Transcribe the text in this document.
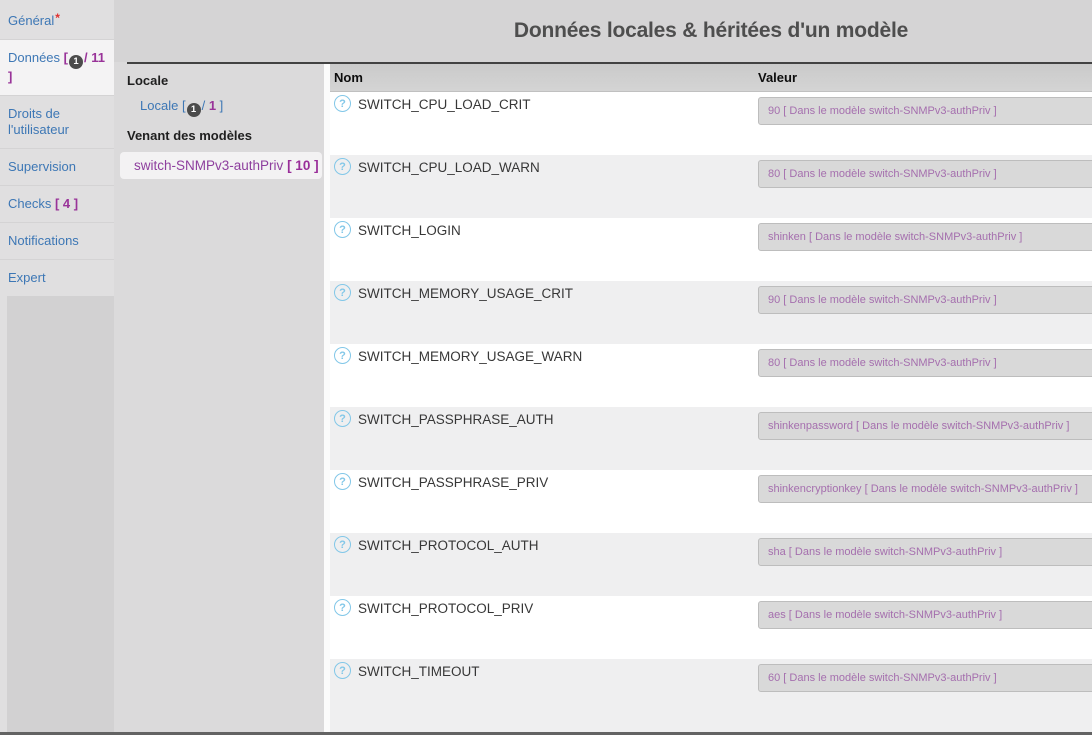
Général*
Données [ 1 / 11 ]
Droits de l'utilisateur
Supervision
Checks [ 4 ]
Notifications
Expert
Données locales & héritées d'un modèle
Locale
Locale [ 1 / 1 ]
Venant des modèles
switch-SNMPv3-authPriv [ 10 ]
Nom	Valeur
? SWITCH_CPU_LOAD_CRIT	90 [ Dans le modèle switch-SNMPv3-authPriv ]
? SWITCH_CPU_LOAD_WARN	80 [ Dans le modèle switch-SNMPv3-authPriv ]
? SWITCH_LOGIN	shinken [ Dans le modèle switch-SNMPv3-authPriv ]
? SWITCH_MEMORY_USAGE_CRIT	90 [ Dans le modèle switch-SNMPv3-authPriv ]
? SWITCH_MEMORY_USAGE_WARN	80 [ Dans le modèle switch-SNMPv3-authPriv ]
? SWITCH_PASSPHRASE_AUTH	shinkenpassword [ Dans le modèle switch-SNMPv3-authPriv ]
? SWITCH_PASSPHRASE_PRIV	shinkencryptionkey [ Dans le modèle switch-SNMPv3-authPriv ]
? SWITCH_PROTOCOL_AUTH	sha [ Dans le modèle switch-SNMPv3-authPriv ]
? SWITCH_PROTOCOL_PRIV	aes [ Dans le modèle switch-SNMPv3-authPriv ]
? SWITCH_TIMEOUT	60 [ Dans le modèle switch-SNMPv3-authPriv ]
